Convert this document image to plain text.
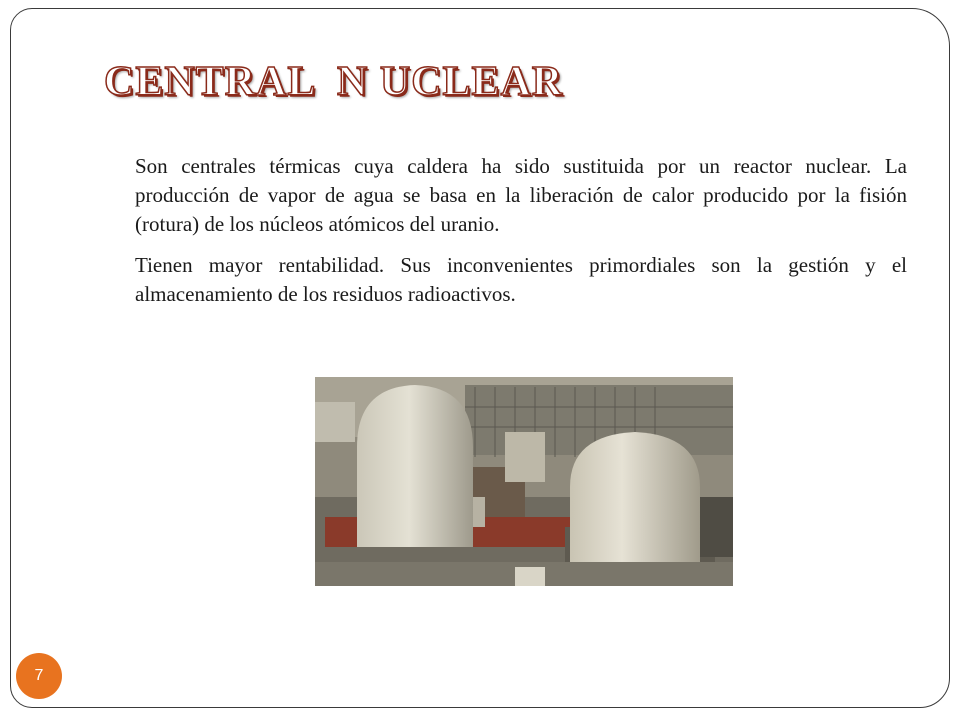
CENTRAL  N UCLEAR

Son centrales térmicas cuya caldera ha sido sustituida por un reactor nuclear. La producción de vapor de agua se basa en la liberación de calor producido por la fisión (rotura) de los núcleos atómicos del uranio.

Tienen mayor rentabilidad. Sus inconvenientes primordiales son la gestión y el almacenamiento de los residuos radioactivos.

7
